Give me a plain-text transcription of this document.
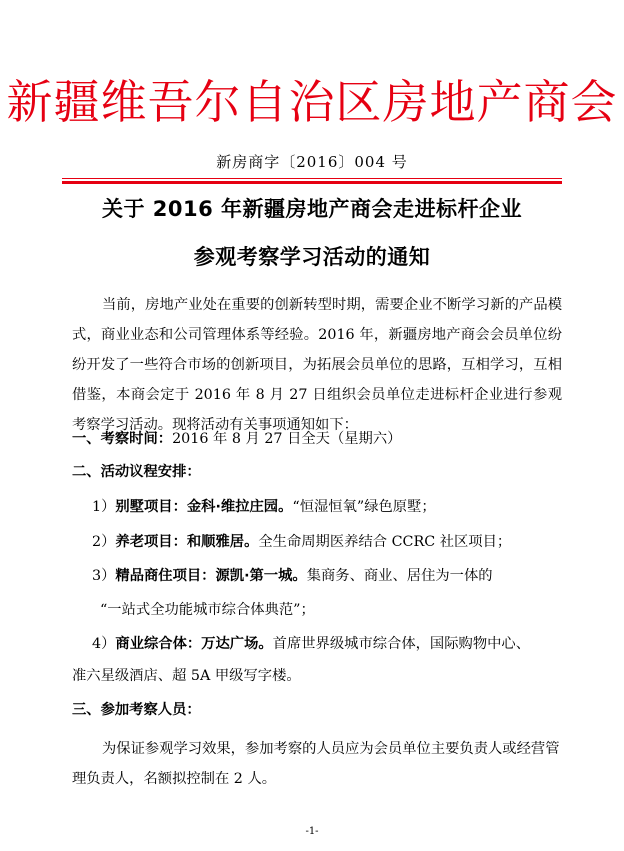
新疆维吾尔自治区房地产商会
新房商字〔2016〕004 号
关于 2016 年新疆房地产商会走进标杆企业
参观考察学习活动的通知
当前，房地产业处在重要的创新转型时期，需要企业不断学习新的产品模式，商业业态和公司管理体系等经验。2016 年，新疆房地产商会会员单位纷纷开发了一些符合市场的创新项目，为拓展会员单位的思路，互相学习，互相借鉴，本商会定于 2016 年 8 月 27 日组织会员单位走进标杆企业进行参观考察学习活动。现将活动有关事项通知如下：
一、考察时间：2016 年 8 月 27 日全天（星期六）
二、活动议程安排：
1）别墅项目：金科·维拉庄园。“恒湿恒氧”绿色原墅；
2）养老项目：和顺雅居。全生命周期医养结合 CCRC 社区项目；
3）精品商住项目：源凯·第一城。集商务、商业、居住为一体的
“一站式全功能城市综合体典范”；
4）商业综合体：万达广场。首席世界级城市综合体，国际购物中心、
准六星级酒店、超 5A 甲级写字楼。
三、参加考察人员：
为保证参观学习效果，参加考察的人员应为会员单位主要负责人或经营管理负责人，名额拟控制在 2 人。
-1-
